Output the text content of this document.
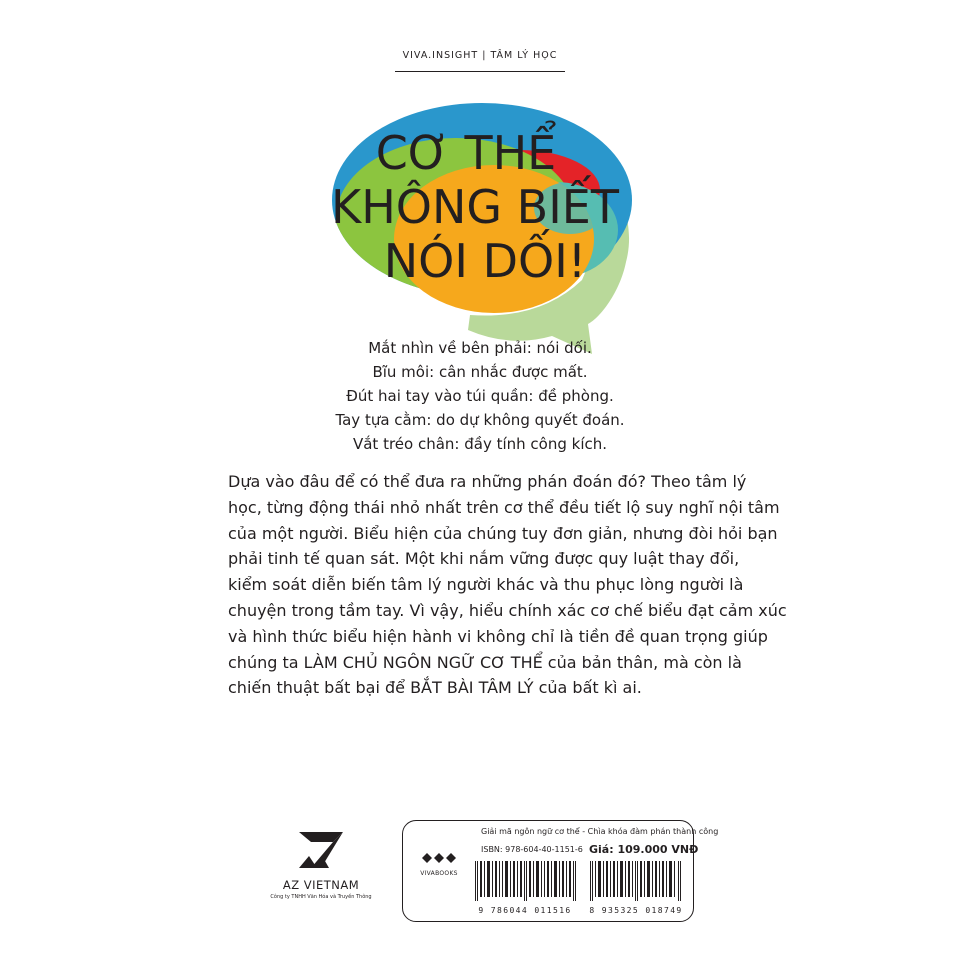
VIVA.INSIGHT | TÂM LÝ HỌC
CƠ THỂ
KHÔNG BIẾT
NÓI DỐI!
Mắt nhìn về bên phải: nói dối.
Bĩu môi: cân nhắc được mất.
Đút hai tay vào túi quần: đề phòng.
Tay tựa cằm: do dự không quyết đoán.
Vắt tréo chân: đầy tính công kích.
Dựa vào đâu để có thể đưa ra những phán đoán đó? Theo tâm lý
học, từng động thái nhỏ nhất trên cơ thể đều tiết lộ suy nghĩ nội tâm
của một người. Biểu hiện của chúng tuy đơn giản, nhưng đòi hỏi bạn
phải tinh tế quan sát. Một khi nắm vững được quy luật thay đổi,
kiểm soát diễn biến tâm lý người khác và thu phục lòng người là
chuyện trong tầm tay. Vì vậy, hiểu chính xác cơ chế biểu đạt cảm xúc
và hình thức biểu hiện hành vi không chỉ là tiền đề quan trọng giúp
chúng ta LÀM CHỦ NGÔN NGỮ CƠ THỂ của bản thân, mà còn là
chiến thuật bất bại để BẮT BÀI TÂM LÝ của bất kì ai.
AZ VIETNAM
Công ty TNHH Văn Hóa và Truyền Thông
Giải mã ngôn ngữ cơ thể - Chìa khóa đàm phán thành công
ISBN: 978-604-40-1151-6 Giá: 109.000 VNĐ
VIVABOOKS
9 786044 011516	8 935325 018749
